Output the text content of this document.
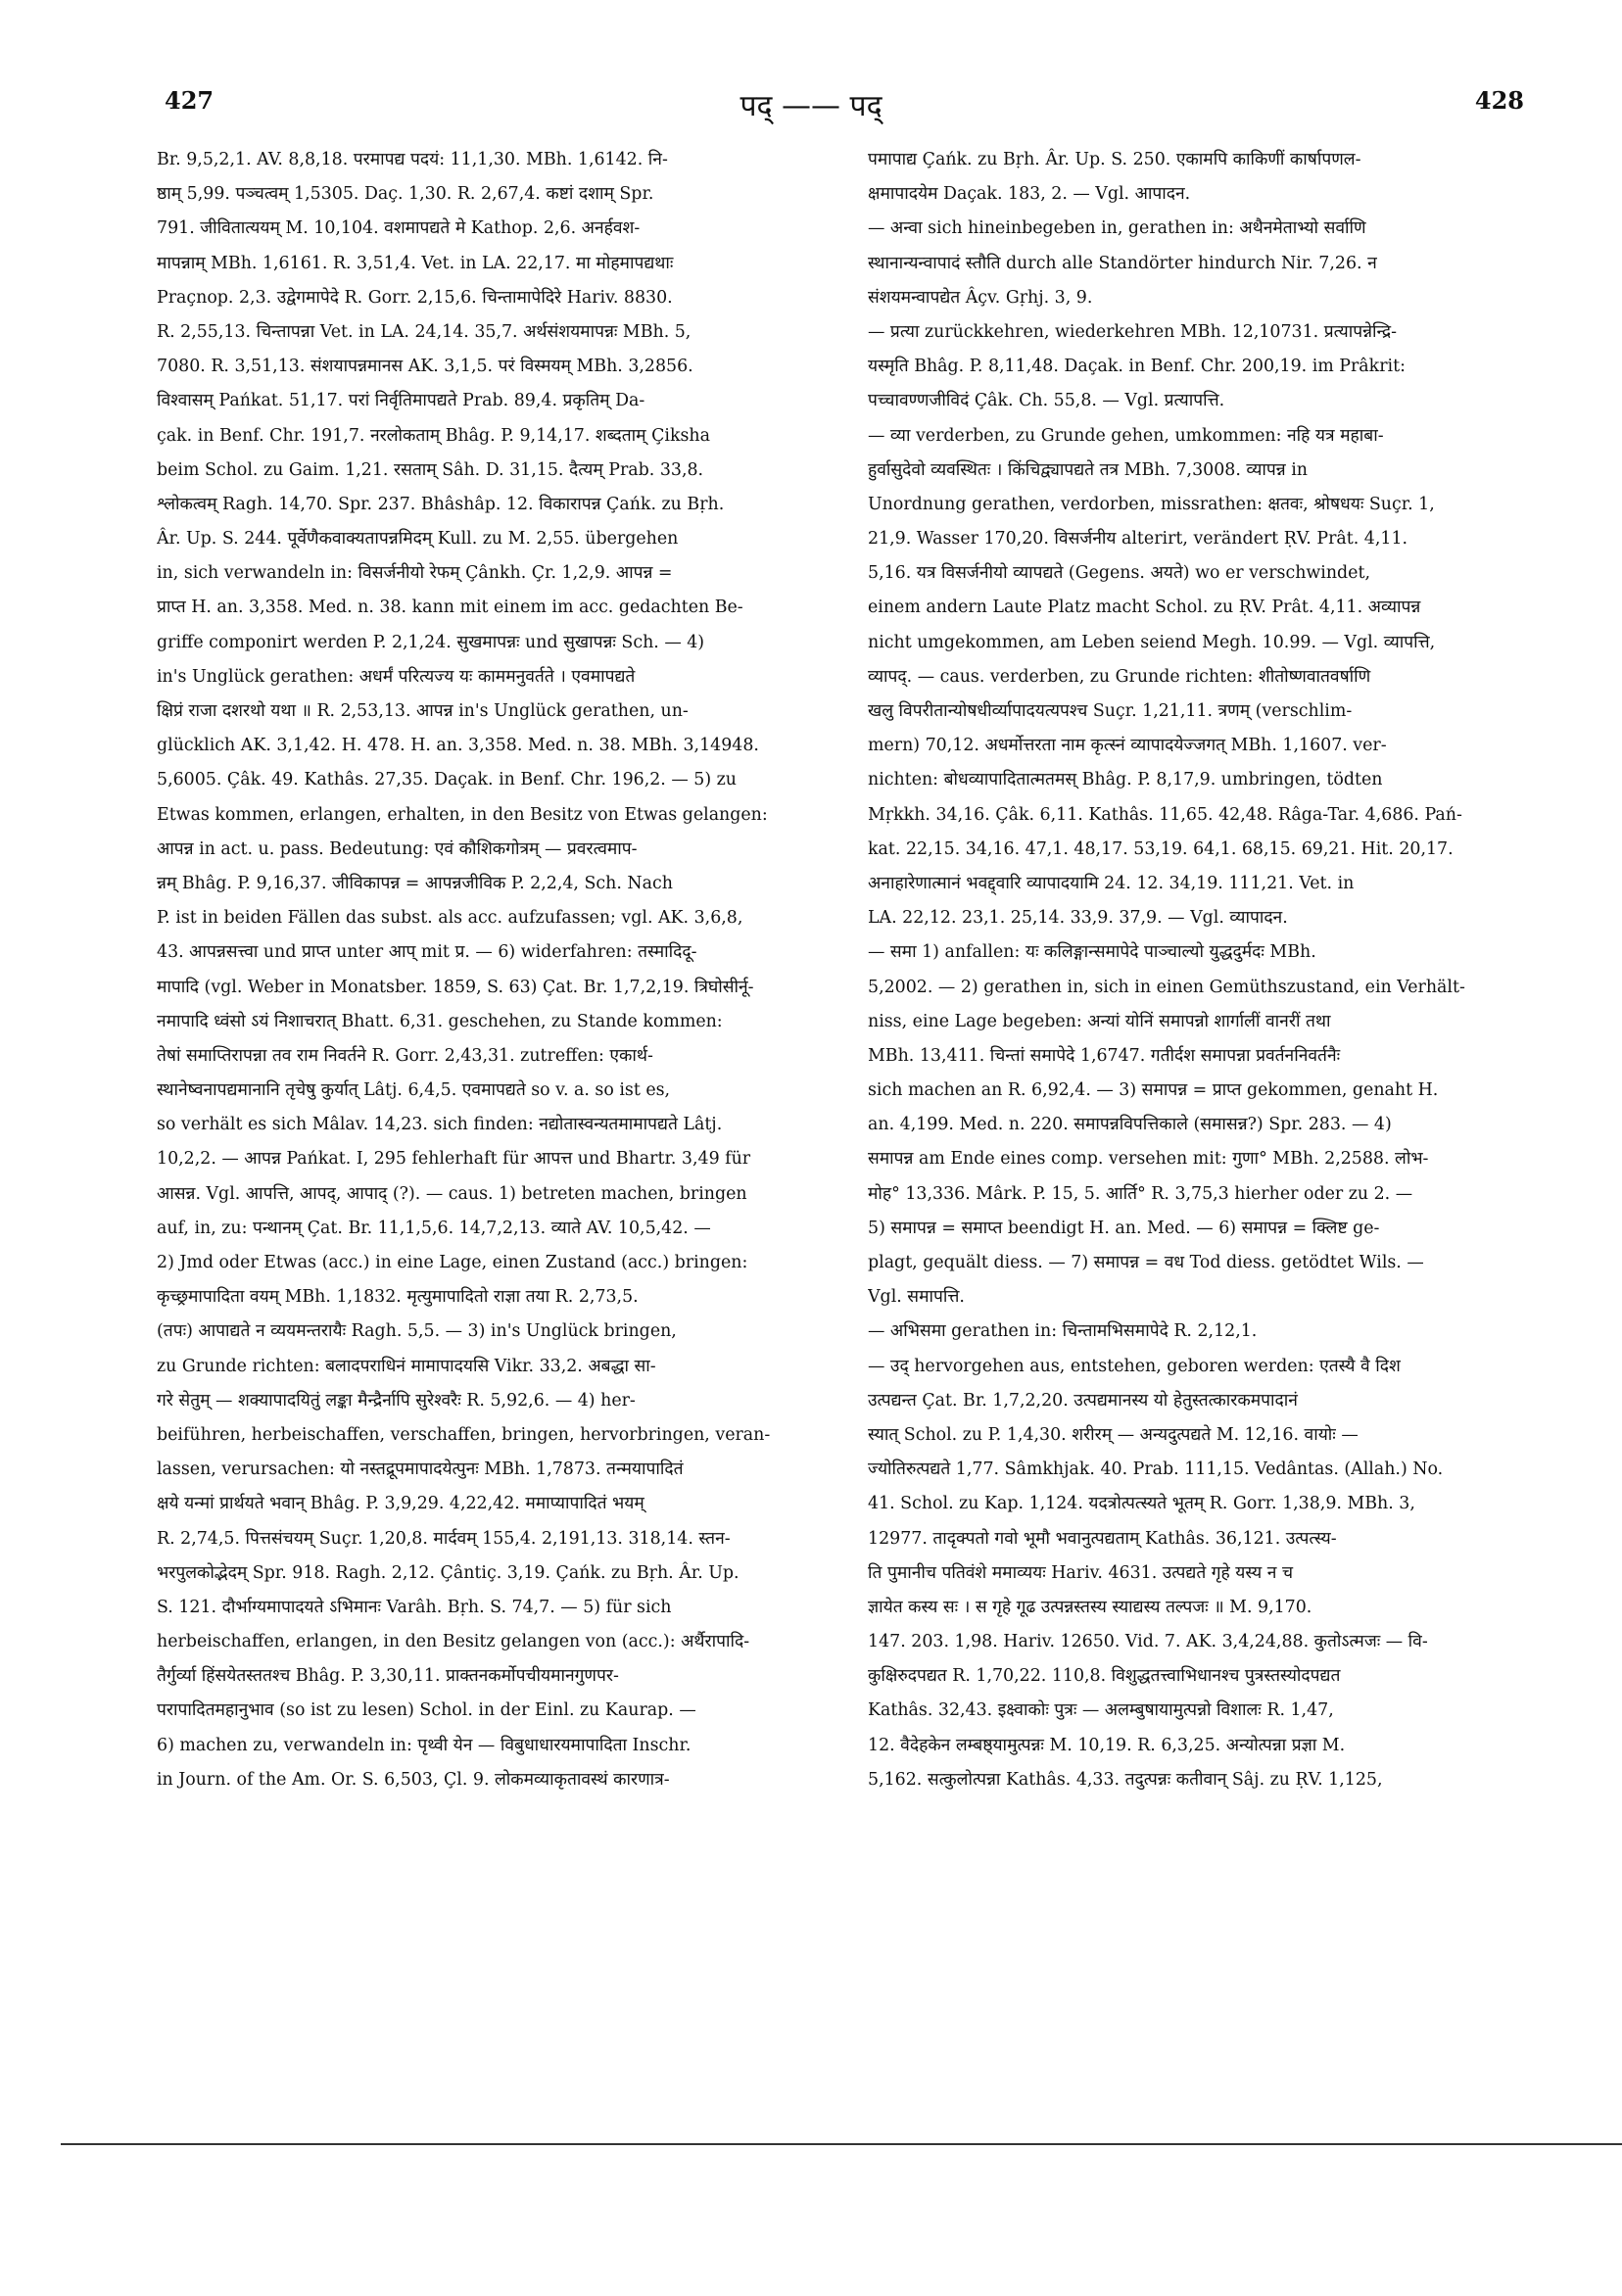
427	पद् —— पद्	428
Br. 9,5,2,1. AV. 8,8,18. परमापद्य पदयं: 11,1,30. MBh. 1,6142. नि-
ष्ठाम् 5,99. पञ्चत्वम् 1,5305. Daç. 1,30. R. 2,67,4. कष्टां दशाम् Spr.
791. जीवितात्ययम् M. 10,104. वशमापद्यते मे Kathop. 2,6. अनर्हवश-
मापन्नाम् MBh. 1,6161. R. 3,51,4. Vet. in LA. 22,17. मा मोहमापद्यथाः
Praçnop. 2,3. उद्वेगमापेदे R. Gorr. 2,15,6. चिन्तामापेदिरे Hariv. 8830.
R. 2,55,13. चिन्तापन्ना Vet. in LA. 24,14. 35,7. अर्थसंशयमापन्नः MBh. 5,
7080. R. 3,51,13. संशयापन्नमानस AK. 3,1,5. परं विस्मयम् MBh. 3,2856.
विश्वासम् Pańkat. 51,17. परां निर्वृतिमापद्यते Prab. 89,4. प्रकृतिम् Da-
çak. in Benf. Chr. 191,7. नरलोकताम् Bhâg. P. 9,14,17. शब्दताम् Çiksha
beim Schol. zu Gaim. 1,21. रसताम् Sâh. D. 31,15. दैत्यम् Prab. 33,8.
श्लोकत्वम् Ragh. 14,70. Spr. 237. Bhâshâp. 12. विकारापन्न Çańk. zu Bṛh.
Âr. Up. S. 244. पूर्वेणैकवाक्यतापन्नमिदम् Kull. zu M. 2,55. übergehen
in, sich verwandeln in: विसर्जनीयो रेफम् Çânkh. Çr. 1,2,9. आपन्न =
प्राप्त H. an. 3,358. Med. n. 38. kann mit einem im acc. gedachten Be-
griffe componirt werden P. 2,1,24. सुखमापन्नः und सुखापन्नः Sch. — 4)
in's Unglück gerathen: अधर्मं परित्यज्य यः काममनुवर्तते । एवमापद्यते
क्षिप्रं राजा दशरथो यथा ॥ R. 2,53,13. आपन्न in's Unglück gerathen, un-
glücklich AK. 3,1,42. H. 478. H. an. 3,358. Med. n. 38. MBh. 3,14948.
5,6005. Çâk. 49. Kathâs. 27,35. Daçak. in Benf. Chr. 196,2. — 5) zu
Etwas kommen, erlangen, erhalten, in den Besitz von Etwas gelangen:
आपन्न in act. u. pass. Bedeutung: एवं कौशिकगोत्रम् — प्रवरत्वमाप-
न्नम् Bhâg. P. 9,16,37. जीविकापन्न = आपन्नजीविक P. 2,2,4, Sch. Nach
P. ist in beiden Fällen das subst. als acc. aufzufassen; vgl. AK. 3,6,8,
43. आपन्नसत्त्वा und प्राप्त unter आप् mit प्र. — 6) widerfahren: तस्मादिदू-
मापादि (vgl. Weber in Monatsber. 1859, S. 63) Çat. Br. 1,7,2,19. त्रिघोसीर्नू-
नमापादि ध्वंसो ऽयं निशाचरात् Bhatt. 6,31. geschehen, zu Stande kommen:
तेषां समाप्तिरापन्ना तव राम निवर्तने R. Gorr. 2,43,31. zutreffen: एकार्थ-
स्थानेष्वनापद्यमानानि तृचेषु कुर्यात् Lâtj. 6,4,5. एवमापद्यते so v. a. so ist es,
so verhält es sich Mâlav. 14,23. sich finden: नद्योतास्वन्यतमामापद्यते Lâtj.
10,2,2. — आपन्न Pańkat. I, 295 fehlerhaft für आपत्त und Bhartr. 3,49 für
आसन्न. Vgl. आपत्ति, आपद्, आपाद् (?). — caus. 1) betreten machen, bringen
auf, in, zu: पन्थानम् Çat. Br. 11,1,5,6. 14,7,2,13. व्याते AV. 10,5,42. —
2) Jmd oder Etwas (acc.) in eine Lage, einen Zustand (acc.) bringen:
कृच्छ्रमापादिता वयम् MBh. 1,1832. मृत्युमापादितो राज्ञा तया R. 2,73,5.
(तपः) आपाद्यते न व्ययमन्तरायैः Ragh. 5,5. — 3) in's Unglück bringen,
zu Grunde richten: बलादपराधिनं मामापादयसि Vikr. 33,2. अबद्धा सा-
गरे सेतुम् — शक्यापादयितुं लङ्का मैन्द्रैर्नापि सुरेश्वरैः R. 5,92,6. — 4) her-
beiführen, herbeischaffen, verschaffen, bringen, hervorbringen, veran-
lassen, verursachen: यो नस्तद्रूपमापादयेत्पुनः MBh. 1,7873. तन्मयापादितं
क्षये यन्मां प्रार्थयते भवान् Bhâg. P. 3,9,29. 4,22,42. ममाप्यापादितं भयम्
R. 2,74,5. पित्तसंचयम् Suçr. 1,20,8. मार्दवम् 155,4. 2,191,13. 318,14. स्तन-
भरपुलकोद्भेदम् Spr. 918. Ragh. 2,12. Çântiç. 3,19. Çańk. zu Bṛh. Âr. Up.
S. 121. दौर्भाग्यमापादयते ऽभिमानः Varâh. Bṛh. S. 74,7. — 5) für sich
herbeischaffen, erlangen, in den Besitz gelangen von (acc.): अर्थैरापादि-
तैर्गुर्व्या हिंसयेतस्ततश्च Bhâg. P. 3,30,11. प्राक्तनकर्मोपचीयमानगुणपर-
परापादितमहानुभाव (so ist zu lesen) Schol. in der Einl. zu Kaurap. —
6) machen zu, verwandeln in: पृथ्वी येन — विबुधाधारयमापादिता Inschr.
in Journ. of the Am. Or. S. 6,503, Çl. 9. लोकमव्याकृतावस्थं कारणात्र-
पमापाद्य Çańk. zu Bṛh. Âr. Up. S. 250. एकामपि काकिणीं कार्षापणल-
क्षमापादयेम Daçak. 183, 2. — Vgl. आपादन.
— अन्वा sich hineinbegeben in, gerathen in: अथैनमेताभ्यो सर्वाणि
स्थानान्यन्वापादं स्तौति durch alle Standörter hindurch Nir. 7,26. न
संशयमन्वापद्येत Âçv. Gṛhj. 3, 9.
— प्रत्या zurückkehren, wiederkehren MBh. 12,10731. प्रत्यापन्नेन्द्रि-
यस्मृति Bhâg. P. 8,11,48. Daçak. in Benf. Chr. 200,19. im Prâkrit:
पच्चावण्णजीविदं Çâk. Ch. 55,8. — Vgl. प्रत्यापत्ति.
— व्या verderben, zu Grunde gehen, umkommen: नहि यत्र महाबा-
हुर्वासुदेवो व्यवस्थितः । किंचिद्व्यापद्यते तत्र MBh. 7,3008. व्यापन्न in
Unordnung gerathen, verdorben, missrathen: क्षतवः, श्रोषधयः Suçr. 1,
21,9. Wasser 170,20. विसर्जनीय alterirt, verändert ṚV. Prât. 4,11.
5,16. यत्र विसर्जनीयो व्यापद्यते (Gegens. अयते) wo er verschwindet,
einem andern Laute Platz macht Schol. zu ṚV. Prât. 4,11. अव्यापन्न
nicht umgekommen, am Leben seiend Megh. 10.99. — Vgl. व्यापत्ति,
व्यापद्. — caus. verderben, zu Grunde richten: शीतोष्णवातवर्षाणि
खलु विपरीतान्योषधीर्व्यापादयत्यपश्च Suçr. 1,21,11. त्रणम् (verschlim-
mern) 70,12. अधर्मोत्तरता नाम कृत्स्नं व्यापादयेज्जगत् MBh. 1,1607. ver-
nichten: बोधव्यापादितात्मतमस् Bhâg. P. 8,17,9. umbringen, tödten
Mṛkkh. 34,16. Çâk. 6,11. Kathâs. 11,65. 42,48. Râga-Tar. 4,686. Pań-
kat. 22,15. 34,16. 47,1. 48,17. 53,19. 64,1. 68,15. 69,21. Hit. 20,17.
अनाहारेणात्मानं भवद्द्वारि व्यापादयामि 24. 12. 34,19. 111,21. Vet. in
LA. 22,12. 23,1. 25,14. 33,9. 37,9. — Vgl. व्यापादन.
— समा 1) anfallen: यः कलिङ्गान्समापेदे पाञ्चाल्यो युद्धदुर्मदः MBh.
5,2002. — 2) gerathen in, sich in einen Gemüthszustand, ein Verhält-
niss, eine Lage begeben: अन्यां योनिं समापन्नो शार्गालीं वानरीं तथा
MBh. 13,411. चिन्तां समापेदे 1,6747. गतीर्दश समापन्ना प्रवर्तननिवर्तनैः
sich machen an R. 6,92,4. — 3) समापन्न = प्राप्त gekommen, genaht H.
an. 4,199. Med. n. 220. समापन्नविपत्तिकाले (समासन्न?) Spr. 283. — 4)
समापन्न am Ende eines comp. versehen mit: गुणा° MBh. 2,2588. लोभ-
मोह° 13,336. Mârk. P. 15, 5. आर्ति° R. 3,75,3 hierher oder zu 2. —
5) समापन्न = समाप्त beendigt H. an. Med. — 6) समापन्न = क्लिष्ट ge-
plagt, gequält diess. — 7) समापन्न = वध Tod diess. getödtet Wils. —
Vgl. समापत्ति.
— अभिसमा gerathen in: चिन्तामभिसमापेदे R. 2,12,1.
— उद् hervorgehen aus, entstehen, geboren werden: एतस्यै वै दिश
उत्पद्यन्त Çat. Br. 1,7,2,20. उत्पद्यमानस्य यो हेतुस्तत्कारकमपादानं
स्यात् Schol. zu P. 1,4,30. शरीरम् — अन्यदुत्पद्यते M. 12,16. वायोः —
ज्योतिरुत्पद्यते 1,77. Sâmkhjak. 40. Prab. 111,15. Vedântas. (Allah.) No.
41. Schol. zu Kap. 1,124. यदत्रोत्पत्स्यते भूतम् R. Gorr. 1,38,9. MBh. 3,
12977. तादृक्पतो गवो भूमौ भवानुत्पद्यताम् Kathâs. 36,121. उत्पत्स्य-
ति पुमानीच पतिवंशे ममाव्ययः Hariv. 4631. उत्पद्यते गृहे यस्य न च
ज्ञायेत कस्य सः । स गृहे गूढ उत्पन्नस्तस्य स्याद्यस्य तल्पजः ॥ M. 9,170.
147. 203. 1,98. Hariv. 12650. Vid. 7. AK. 3,4,24,88. कुतोऽत्मजः — वि-
कुक्षिरुदपद्यत R. 1,70,22. 110,8. विशुद्धतत्त्वाभिधानश्च पुत्रस्तस्योदपद्यत
Kathâs. 32,43. इक्ष्वाकोः पुत्रः — अलम्बुषायामुत्पन्नो विशालः R. 1,47,
12. वैदेहकेन लम्बष्ठ्यामुत्पन्नः M. 10,19. R. 6,3,25. अन्योत्पन्ना प्रज्ञा M.
5,162. सत्कुलोत्पन्ना Kathâs. 4,33. तदुत्पन्नः कतीवान् Sâj. zu ṚV. 1,125,
